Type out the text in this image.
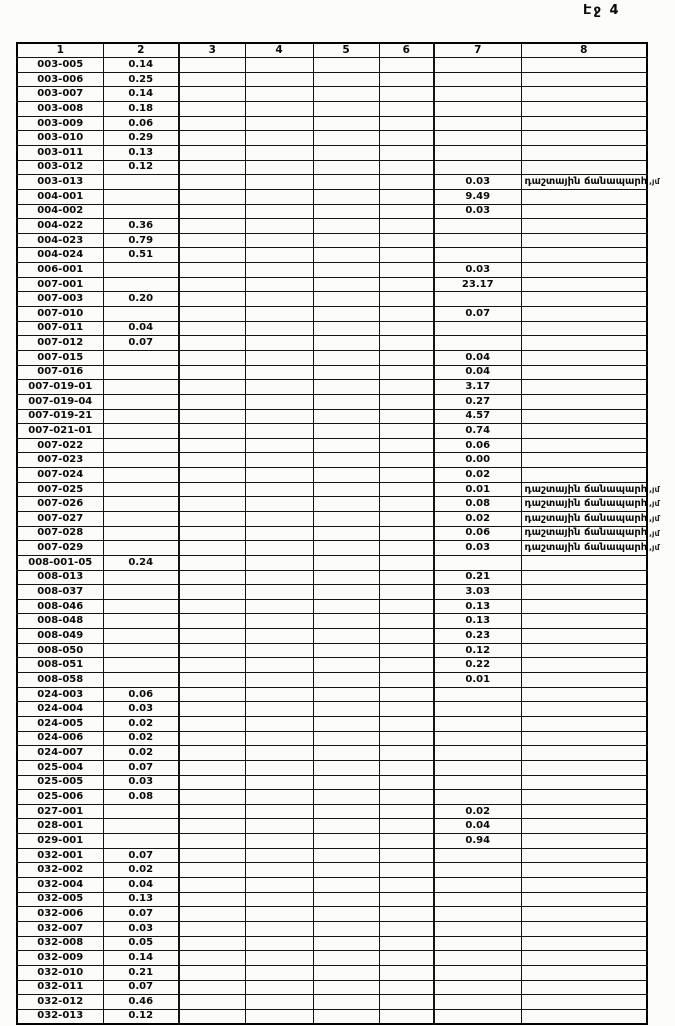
Էջ 4
1	2	3	4	5	6	7	8
003-005	0.14						
003-006	0.25						
003-007	0.14						
003-008	0.18						
003-009	0.06						
003-010	0.29						
003-011	0.13						
003-012	0.12						
003-013						0.03	դաշտային ճանապարհ ,յմ

004-001						9.49	
004-002						0.03	
004-022	0.36						
004-023	0.79						
004-024	0.51						
006-001						0.03	
007-001						23.17	
007-003	0.20						
007-010						0.07	
007-011	0.04						
007-012	0.07						
007-015						0.04	
007-016						0.04	
007-019-01						3.17	
007-019-04						0.27	
007-019-21						4.57	
007-021-01						0.74	
007-022						0.06	
007-023						0.00	
007-024						0.02	
007-025						0.01	դաշտային ճանապարհ ,յմ

007-026						0.08	դաշտային ճանապարհ ,յմ

007-027						0.02	դաշտային ճանապարհ ,յմ

007-028						0.06	դաշտային ճանապարհ ,յմ

007-029						0.03	դաշտային ճանապարհ ,յմ

008-001-05	0.24						
008-013						0.21	
008-037						3.03	
008-046						0.13	
008-048						0.13	
008-049						0.23	
008-050						0.12	
008-051						0.22	
008-058						0.01	
024-003	0.06						
024-004	0.03						
024-005	0.02						
024-006	0.02						
024-007	0.02						
025-004	0.07						
025-005	0.03						
025-006	0.08						
027-001						0.02	
028-001						0.04	
029-001						0.94	
032-001	0.07						
032-002	0.02						
032-004	0.04						
032-005	0.13						
032-006	0.07						
032-007	0.03						
032-008	0.05						
032-009	0.14						
032-010	0.21						
032-011	0.07						
032-012	0.46						
032-013	0.12						
